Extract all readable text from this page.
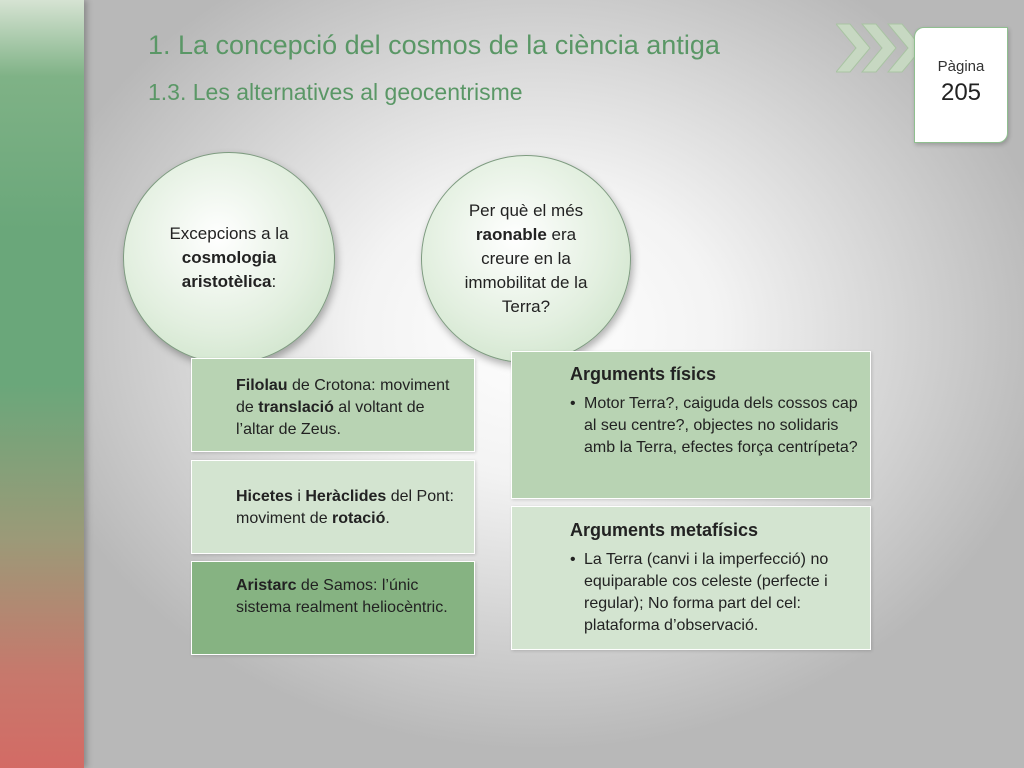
1. La concepció del cosmos de la ciència antiga
1.3. Les alternatives al geocentrisme
Pàgina
205
Excepcions a la cosmologia aristotèlica:
Per què el més raonable era creure en la immobilitat de la Terra?
Filolau de Crotona: moviment de translació al voltant de l’altar de Zeus.
Hicetes i Heràclides del Pont: moviment de rotació.
Aristarc de Samos: l’únic sistema realment heliocèntric.
Arguments físics
• Motor Terra?, caiguda dels cossos cap al seu centre?, objectes no solidaris amb la Terra, efectes força centrípeta?
Arguments metafísics
• La Terra (canvi i la imperfecció) no equiparable cos celeste (perfecte i regular); No forma part del cel: plataforma d’observació.
